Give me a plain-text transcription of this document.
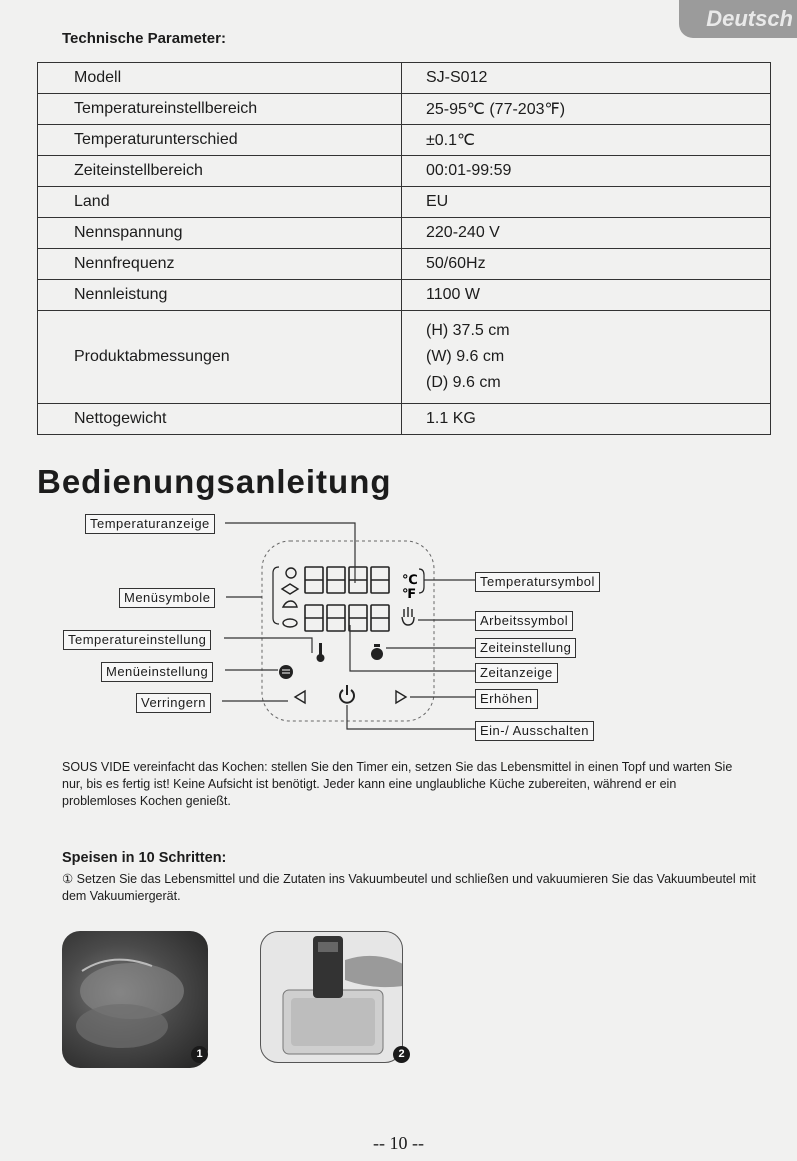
Deutsch
Technische Parameter:
Modell	SJ-S012
Temperatureinstellbereich	25-95℃ (77-203℉)
Temperaturunterschied	±0.1℃
Zeiteinstellbereich	00:01-99:59
Land	EU
Nennspannung	220-240 V
Nennfrequenz	50/60Hz
Nennleistung	1100 W
Produktabmessungen	(H) 37.5 cm
(W) 9.6 cm
(D) 9.6 cm

Nettogewicht	1.1 KG
Bedienungsanleitung
℃
℉
Temperaturanzeige
Menüsymbole
Temperatureinstellung
Menüeinstellung
Verringern
Temperatursymbol
Arbeitssymbol
Zeiteinstellung
Zeitanzeige
Erhöhen
Ein-/ Ausschalten

SOUS VIDE vereinfacht das Kochen: stellen Sie den Timer ein, setzen Sie das Lebensmittel in einen Topf und warten Sie nur, bis es fertig ist! Keine Aufsicht ist benötigt. Jeder kann eine unglaubliche Küche zubereiten, während er ein problemloses Kochen genießt.

Speisen in 10 Schritten:

① Setzen Sie das Lebensmittel und die Zutaten ins Vakuumbeutel und schließen und vakuumieren Sie das Vakuumbeutel mit dem Vakuumiergerät.

1	2
-- 10 --
